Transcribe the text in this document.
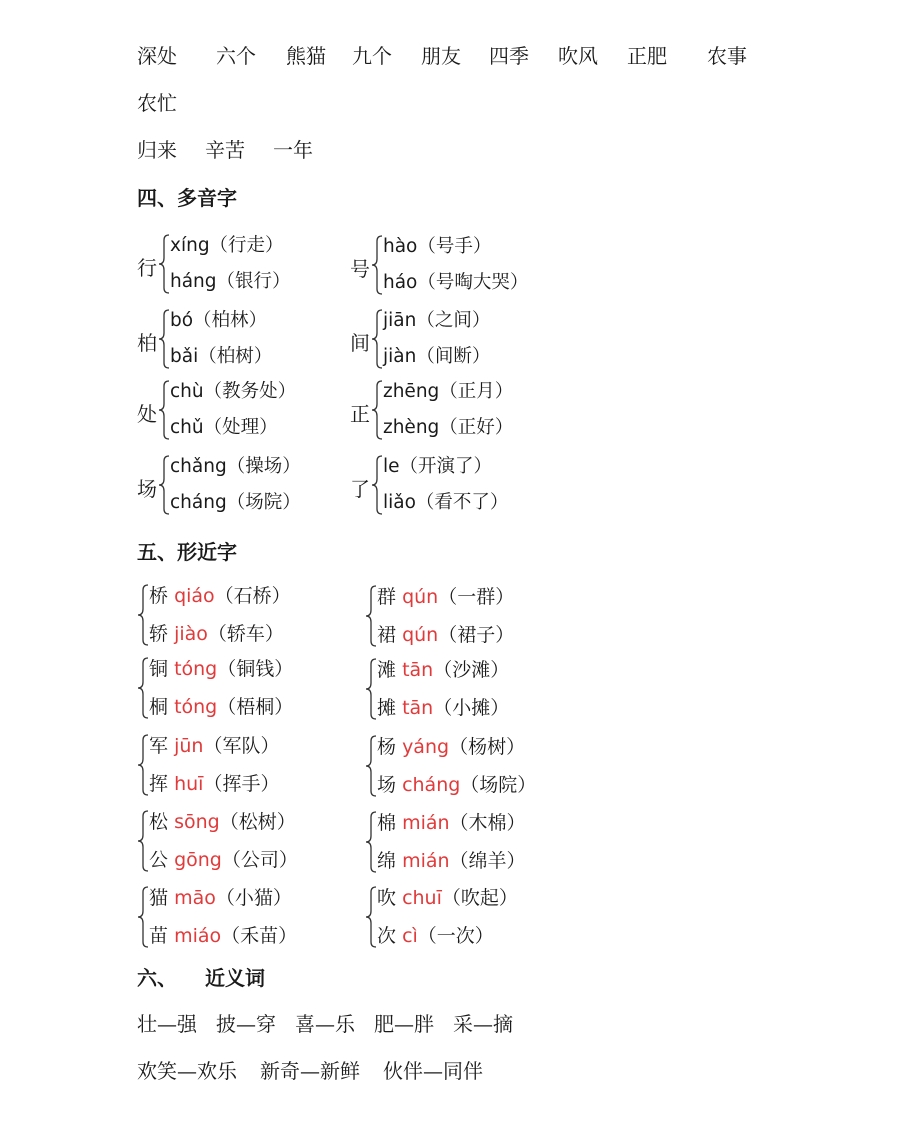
深处 六个 熊猫 九个 朋友 四季 吹风 正肥 农事
农忙
归来 辛苦 一年
四、多音字
行
xíng（行走）
háng（银行）
号
hào（号手）
háo（号啕大哭）
柏
bó（柏林）
bǎi（柏树）
间
jiān（之间）
jiàn（间断）
处
chù（教务处）
chǔ（处理）
正
zhēng（正月）
zhèng（正好）
场
chǎng（操场）
cháng（场院）
了
le（开演了）
liǎo（看不了）
五、形近字
桥 qiáo（石桥）
轿 jiào（轿车）
铜 tóng（铜钱）
桐 tóng（梧桐）
军 jūn（军队）
挥 huī（挥手）
松 sōng（松树）
公 gōng（公司）
猫 māo（小猫）
苗 miáo（禾苗）
群 qún（一群）
裙 qún（裙子）
滩 tān（沙滩）
摊 tān（小摊）
杨 yáng（杨树）
场 cháng（场院）
棉 mián（木棉）
绵 mián（绵羊）
吹 chuī（吹起）
次 cì（一次）
六、 近义词
壮—强 披—穿 喜—乐 肥—胖 采—摘
欢笑—欢乐 新奇—新鲜 伙伴—同伴
